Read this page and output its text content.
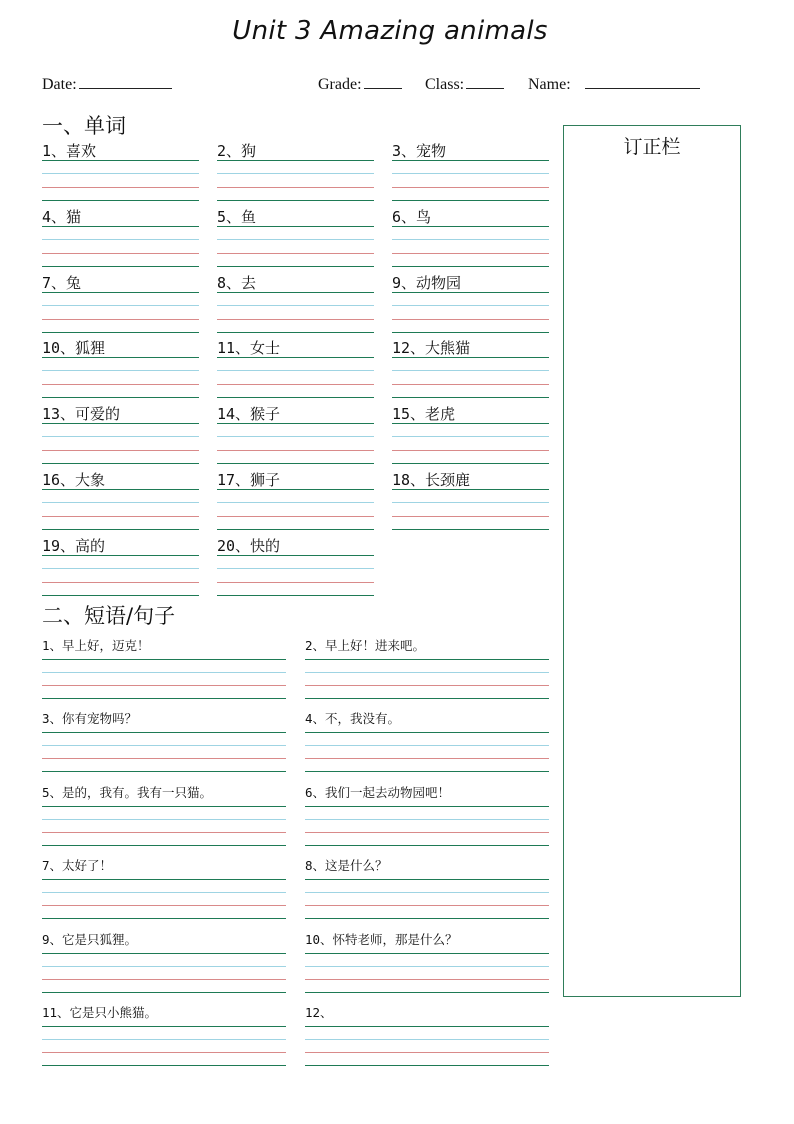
Unit 3 Amazing animals
Date:	Grade:	Class:	Name:
一、单词
1、喜欢	2、狗	3、宠物
4、猫	5、鱼	6、鸟
7、兔	8、去	9、动物园
10、狐狸	11、女士	12、大熊猫
13、可爱的	14、猴子	15、老虎
16、大象	17、狮子	18、长颈鹿
19、高的	20、快的
二、短语/句子
1、早上好，迈克！	2、早上好！进来吧。
3、你有宠物吗？	4、不，我没有。
5、是的，我有。我有一只猫。	6、我们一起去动物园吧！
7、太好了！	8、这是什么？
9、它是只狐狸。	10、怀特老师，那是什么？
11、它是只小熊猫。	12、
订正栏
